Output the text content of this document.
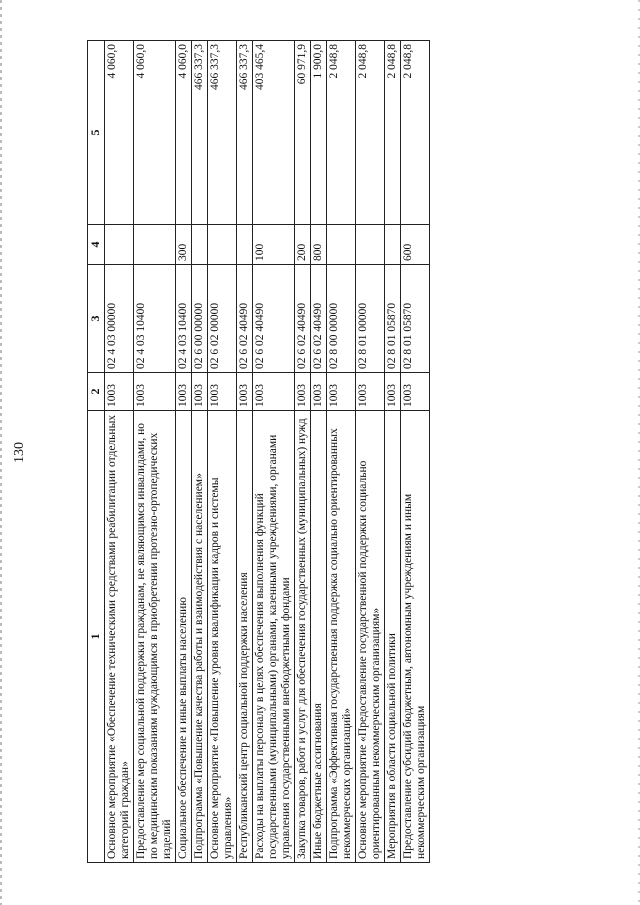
130
1	2	3	4	5
Основное мероприятие «Обеспечение техническими средствами реабилитации отдельных категорий граждан»	1003	02 4 03 00000		4 060,0
Предоставление мер социальной поддержки гражданам, не являющимся инвалидами, но по медицинским показаниям нуждающимся в приобретении протезно-ортопедических изделий	1003	02 4 03 10400		4 060,0
Социальное обеспечение и иные выплаты населению	1003	02 4 03 10400	300	4 060,0
Подпрограмма «Повышение качества работы и взаимодействия с населением»	1003	02 6 00 00000		466 337,3
Основное мероприятие «Повышение уровня квалификации кадров и системы управления»	1003	02 6 02 00000		466 337,3
Республиканский центр социальной поддержки населения	1003	02 6 02 40490		466 337,3
Расходы на выплаты персоналу в целях обеспечения выполнения функций государственными (муниципальными) органами, казенными учреждениями, органами управления государственными внебюджетными фондами	1003	02 6 02 40490	100	403 465,4
Закупка товаров, работ и услуг для обеспечения государственных (муниципальных) нужд	1003	02 6 02 40490	200	60 971,9
Иные бюджетные ассигнования	1003	02 6 02 40490	800	1 900,0
Подпрограмма «Эффективная государственная поддержка социально ориентированных некоммерческих организаций»	1003	02 8 00 00000		2 048,8
Основное мероприятие «Предоставление государственной поддержки социально ориентированным некоммерческим организациям»	1003	02 8 01 00000		2 048,8
Мероприятия в области социальной политики	1003	02 8 01 05870		2 048,8
Предоставление субсидий бюджетным, автономным учреждениям и иным некоммерческим организациям	1003	02 8 01 05870	600	2 048,8
